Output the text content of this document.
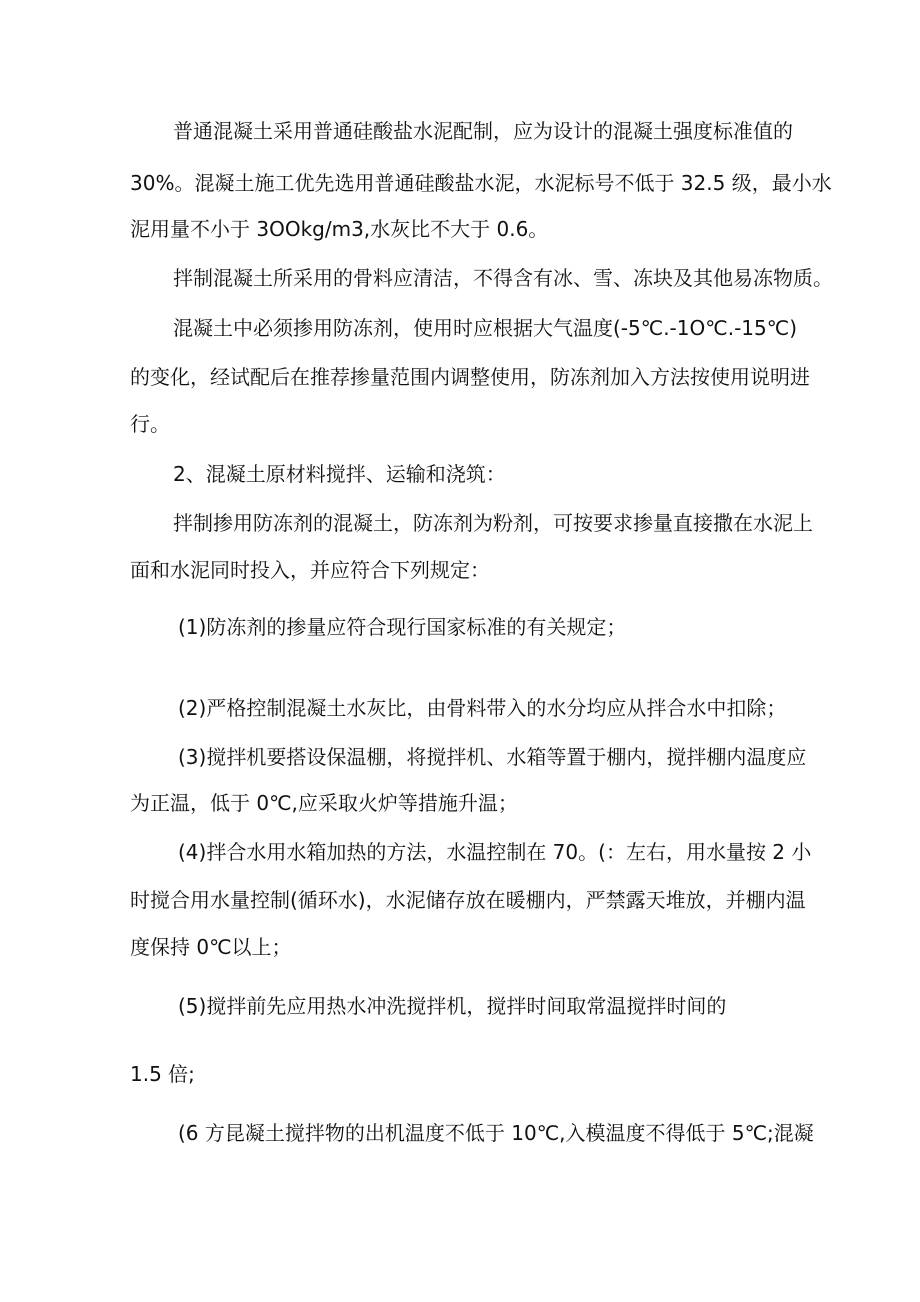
普通混凝土采用普通硅酸盐水泥配制，应为设计的混凝土强度标准值的
30%。混凝土施工优先选用普通硅酸盐水泥，水泥标号不低于 32.5 级，最小水
泥用量不小于 3OOkg/m3,水灰比不大于 0.6。
拌制混凝土所采用的骨料应清洁，不得含有冰、雪、冻块及其他易冻物质。
混凝土中必须掺用防冻剂，使用时应根据大气温度(-5℃.-1O℃.-15℃)
的变化，经试配后在推荐掺量范围内调整使用，防冻剂加入方法按使用说明进
行。
2、混凝土原材料搅拌、运输和浇筑：
拌制掺用防冻剂的混凝土，防冻剂为粉剂，可按要求掺量直接撒在水泥上
面和水泥同时投入，并应符合下列规定：
(1)防冻剂的掺量应符合现行国家标准的有关规定；
(2)严格控制混凝土水灰比，由骨料带入的水分均应从拌合水中扣除；
(3)搅拌机要搭设保温棚，将搅拌机、水箱等置于棚内，搅拌棚内温度应
为正温，低于 0℃,应采取火炉等措施升温；
(4)拌合水用水箱加热的方法，水温控制在 70。(：左右，用水量按 2 小
时搅合用水量控制(循环水)，水泥储存放在暖棚内，严禁露天堆放，并棚内温
度保持 0℃以上；
(5)搅拌前先应用热水冲洗搅拌机，搅拌时间取常温搅拌时间的
1.5 倍;
(6 方昆凝土搅拌物的出机温度不低于 10℃,入模温度不得低于 5℃;混凝
